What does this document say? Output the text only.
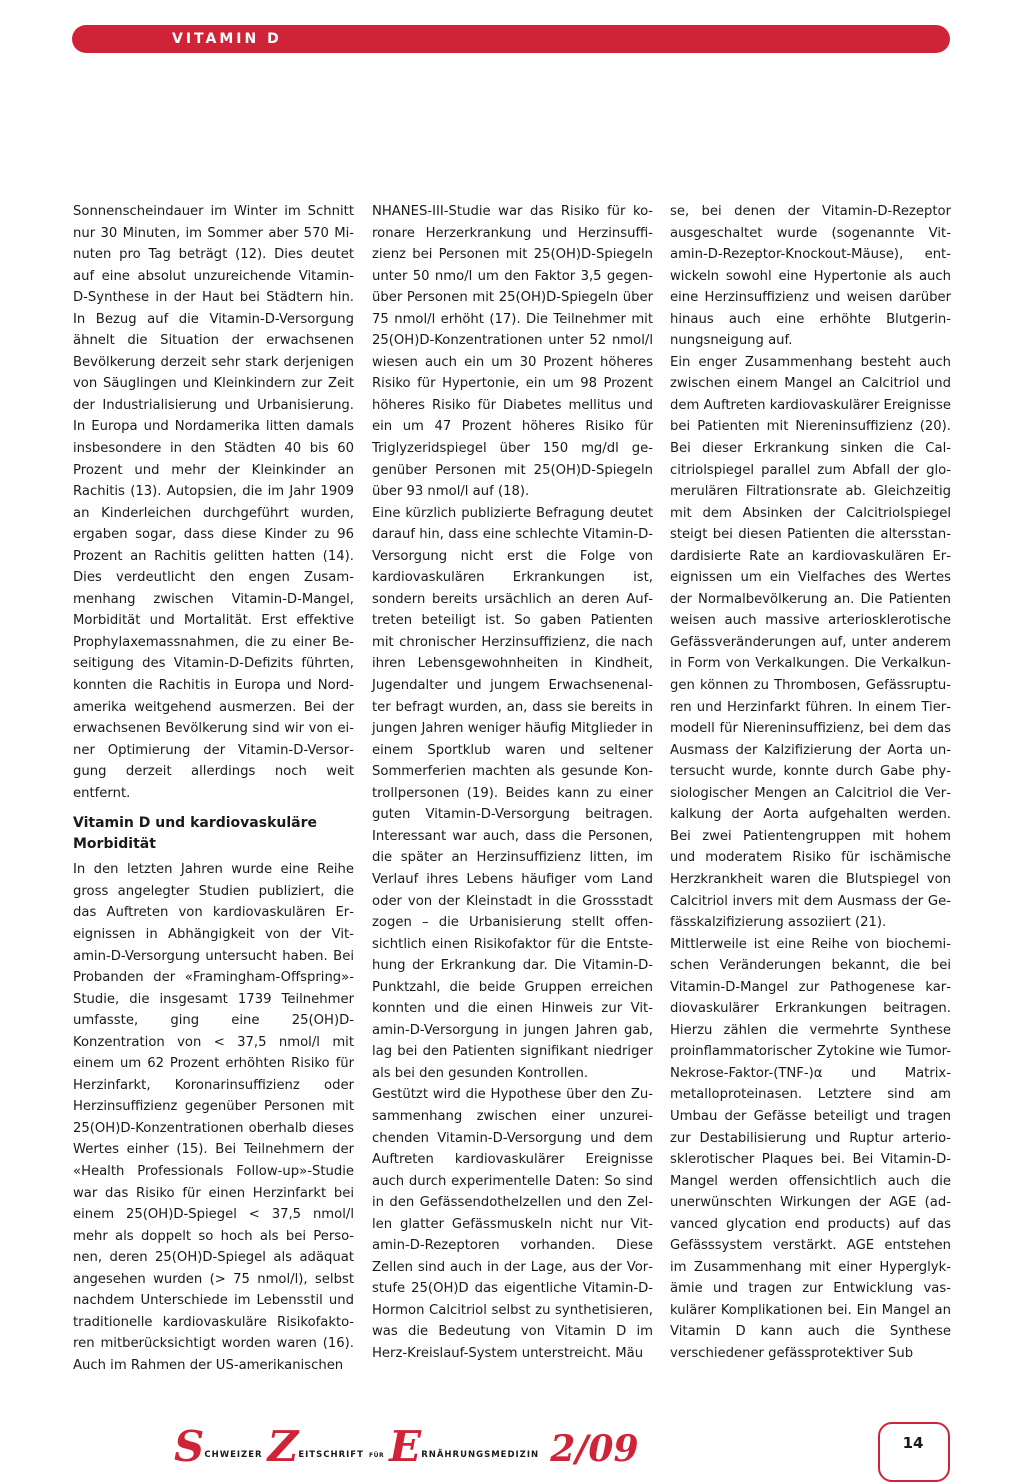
VITAMIN D

Sonnenscheindauer im Winter im Schnitt nur 30 Minuten, im Sommer aber 570 Minuten pro Tag beträgt (12). Dies deutet auf eine absolut unzureichende Vitamin-D-Synthese in der Haut bei Städtern hin. In Bezug auf die Vitamin-D-Versorgung ähnelt die Situation der erwachsenen Bevölkerung derzeit sehr stark derjenigen von Säuglingen und Kleinkindern zur Zeit der Industrialisierung und Urbanisierung. In Europa und Nordamerika litten damals insbesondere in den Städten 40 bis 60 Prozent und mehr der Kleinkinder an Rachitis (13). Autopsien, die im Jahr 1909 an Kinderleichen durchgeführt wurden, ergaben sogar, dass diese Kinder zu 96 Prozent an Rachitis gelitten hatten (14). Dies verdeutlicht den engen Zusammenhang zwischen Vitamin-D-Mangel, Morbidität und Mortalität. Erst effektive Prophylaxemassnahmen, die zu einer Beseitigung des Vitamin-D-Defizits führten, konnten die Rachitis in Europa und Nordamerika weitgehend ausmerzen. Bei der erwachsenen Bevölkerung sind wir von einer Optimierung der Vitamin-D-Versorgung derzeit allerdings noch weit entfernt.

Vitamin D und kardiovaskuläre Morbidität

In den letzten Jahren wurde eine Reihe gross angelegter Studien publiziert, die das Auftreten von kardiovaskulären Ereignissen in Abhängigkeit von der Vitamin-D-Versorgung untersucht haben. Bei Probanden der «Framingham-Offspring»-Studie, die insgesamt 1739 Teilnehmer umfasste, ging eine 25(OH)D-Konzentration von < 37,5 nmol/l mit einem um 62 Prozent erhöhten Risiko für Herzinfarkt, Koronarinsuffizienz oder Herzinsuffizienz gegenüber Personen mit 25(OH)D-Konzentrationen oberhalb dieses Wertes einher (15). Bei Teilnehmern der «Health Professionals Follow-up»-Studie war das Risiko für einen Herzinfarkt bei einem 25(OH)D-Spiegel < 37,5 nmol/l mehr als doppelt so hoch als bei Personen, deren 25(OH)D-Spiegel als adäquat angesehen wurden (> 75 nmol/l), selbst nachdem Unterschiede im Lebensstil und traditionelle kardiovaskuläre Risikofaktoren mitberücksichtigt worden waren (16). Auch im Rahmen der US-amerikanischen

NHANES-III-Studie war das Risiko für koronare Herzerkrankung und Herzinsuffizienz bei Personen mit 25(OH)D-Spiegeln unter 50 nmo/l um den Faktor 3,5 gegenüber Personen mit 25(OH)D-Spiegeln über 75 nmol/l erhöht (17). Die Teilnehmer mit 25(OH)D-Konzentrationen unter 52 nmol/l wiesen auch ein um 30 Prozent höheres Risiko für Hypertonie, ein um 98 Prozent höheres Risiko für Diabetes mellitus und ein um 47 Prozent höheres Risiko für Triglyzeridspiegel über 150 mg/dl gegenüber Personen mit 25(OH)D-Spiegeln über 93 nmol/l auf (18).

Eine kürzlich publizierte Befragung deutet darauf hin, dass eine schlechte Vitamin-D-Versorgung nicht erst die Folge von kardiovaskulären Erkrankungen ist, sondern bereits ursächlich an deren Auftreten beteiligt ist. So gaben Patienten mit chronischer Herzinsuffizienz, die nach ihren Lebensgewohnheiten in Kindheit, Jugendalter und jungem Erwachsenenalter befragt wurden, an, dass sie bereits in jungen Jahren weniger häufig Mitglieder in einem Sportklub waren und seltener Sommerferien machten als gesunde Kontrollpersonen (19). Beides kann zu einer guten Vitamin-D-Versorgung beitragen. Interessant war auch, dass die Personen, die später an Herzinsuffizienz litten, im Verlauf ihres Lebens häufiger vom Land oder von der Kleinstadt in die Grossstadt zogen – die Urbanisierung stellt offensichtlich einen Risikofaktor für die Entstehung der Erkrankung dar. Die Vitamin-D-Punktzahl, die beide Gruppen erreichen konnten und die einen Hinweis zur Vitamin-D-Versorgung in jungen Jahren gab, lag bei den Patienten signifikant niedriger als bei den gesunden Kontrollen.

Gestützt wird die Hypothese über den Zusammenhang zwischen einer unzureichenden Vitamin-D-Versorgung und dem Auftreten kardiovaskulärer Ereignisse auch durch experimentelle Daten: So sind in den Gefässendothelzellen und den Zellen glatter Gefässmuskeln nicht nur Vitamin-D-Rezeptoren vorhanden. Diese Zellen sind auch in der Lage, aus der Vorstufe 25(OH)D das eigentliche Vitamin-D-Hormon Calcitriol selbst zu synthetisieren, was die Bedeutung von Vitamin D im Herz-Kreislauf-System unterstreicht. Mäu

se, bei denen der Vitamin-D-Rezeptor ausgeschaltet wurde (sogenannte Vitamin-D-Rezeptor-Knockout-Mäuse), entwickeln sowohl eine Hypertonie als auch eine Herzinsuffizienz und weisen darüber hinaus auch eine erhöhte Blutgerinnungsneigung auf.

Ein enger Zusammenhang besteht auch zwischen einem Mangel an Calcitriol und dem Auftreten kardiovaskulärer Ereignisse bei Patienten mit Niereninsuffizienz (20). Bei dieser Erkrankung sinken die Calcitriolspiegel parallel zum Abfall der glomerulären Filtrationsrate ab. Gleichzeitig mit dem Absinken der Calcitriolspiegel steigt bei diesen Patienten die altersstandardisierte Rate an kardiovaskulären Ereignissen um ein Vielfaches des Wertes der Normalbevölkerung an. Die Patienten weisen auch massive arteriosklerotische Gefässveränderungen auf, unter anderem in Form von Verkalkungen. Die Verkalkungen können zu Thrombosen, Gefässrupturen und Herzinfarkt führen. In einem Tiermodell für Niereninsuffizienz, bei dem das Ausmass der Kalzifizierung der Aorta untersucht wurde, konnte durch Gabe physiologischer Mengen an Calcitriol die Verkalkung der Aorta aufgehalten werden. Bei zwei Patientengruppen mit hohem und moderatem Risiko für ischämische Herzkrankheit waren die Blutspiegel von Calcitriol invers mit dem Ausmass der Gefässkalzifizierung assoziiert (21).

Mittlerweile ist eine Reihe von biochemischen Veränderungen bekannt, die bei Vitamin-D-Mangel zur Pathogenese kardiovaskulärer Erkrankungen beitragen. Hierzu zählen die vermehrte Synthese proinflammatorischer Zytokine wie Tumor-Nekrose-Faktor-(TNF-)α und Matrixmetalloproteinasen. Letztere sind am Umbau der Gefässe beteiligt und tragen zur Destabilisierung und Ruptur arteriosklerotischer Plaques bei. Bei Vitamin-D-Mangel werden offensichtlich auch die unerwünschten Wirkungen der AGE (advanced glycation end products) auf das Gefässsystem verstärkt. AGE entstehen im Zusammenhang mit einer Hyperglykämie und tragen zur Entwicklung vaskulärer Komplikationen bei. Ein Mangel an Vitamin D kann auch die Synthese verschiedener gefässprotektiver Sub

$S^{CHWEIZER}$ $Z^{EITSCHRIFT}$ $^{FÜR}$ $E^{RNÄHRUNGSMEDIZIN}$ 2/09	14
